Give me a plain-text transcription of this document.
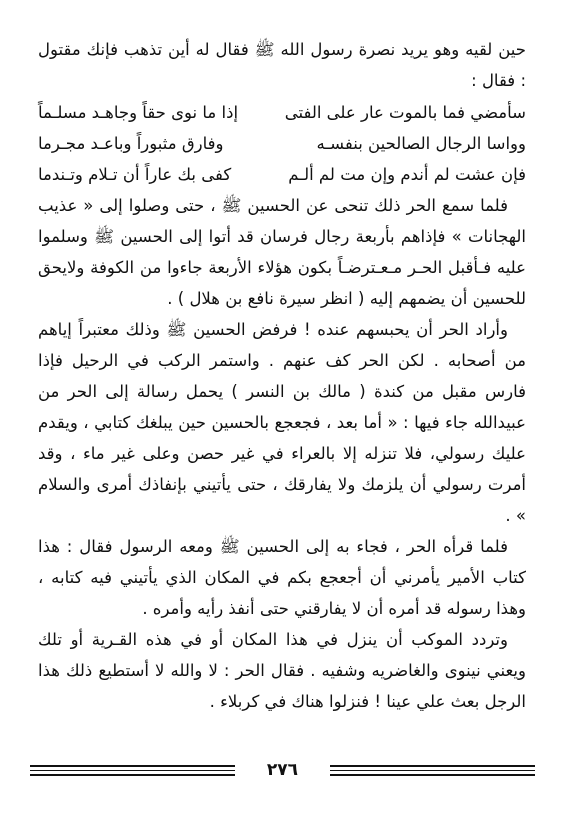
حين لقيه وهو يريد نصرة رسول الله ﷺ فقال له أين تذهب فإنك مقتول : فقال :

سأمضي فما بالموت عار على الفتى
إذا ما نوى حقاً وجاهـد مسلـماً
وواسا الرجال الصالحين بنفسـه
وفارق مثبوراً وباعـد مجـرما
فإن عشت لم أندم وإن مت لم ألـم
كفى بك عاراً أن تـلام وتـندما

فلما سمع الحر ذلك تنحى عن الحسين ﷺ ، حتى وصلوا إلى « عذيب الهجانات » فإذاهم بأربعة رجال فرسان قد أتوا إلى الحسين ﷺ وسلموا عليه فـأقبل الحـر مـعـترضـاً بكون هؤلاء الأربعة جاءوا من الكوفة ولايحق للحسين أن يضمهم إليه ( انظر سيرة نافع بن هلال ) .

وأراد الحر أن يحبسهم عنده ! فرفض الحسين ﷺ وذلك معتبراً إياهم من أصحابه . لكن الحر كف عنهم . واستمر الركب في الرحيل فإذا فارس مقبل من كندة ( مالك بن النسر ) يحمل رسالة إلى الحر من عبيدالله جاء فيها : « أما بعد ، فجعجع بالحسين حين يبلغك كتابي ، ويقدم عليك رسولي، فلا تنزله إلا بالعراء في غير حصن وعلى غير ماء ، وقد أمرت رسولي أن يلزمك ولا يفارقك ، حتى يأتيني بإنفاذك أمرى والسلام » .

فلما قرأه الحر ، فجاء به إلى الحسين ﷺ ومعه الرسول فقال : هذا كتاب الأمير يأمرني أن أجعجع بكم في المكان الذي يأتيني فيه كتابه ، وهذا رسوله قد أمره أن لا يفارقني حتى أنفذ رأيه وأمره .

وتردد الموكب أن ينزل في هذا المكان أو في هذه القـرية أو تلك ويعني نينوى والغاضريه وشفيه . فقال الحر : لا والله لا أستطيع ذلك هذا الرجل بعث علي عينا ! فنزلوا هناك في كربلاء .

٢٧٦
